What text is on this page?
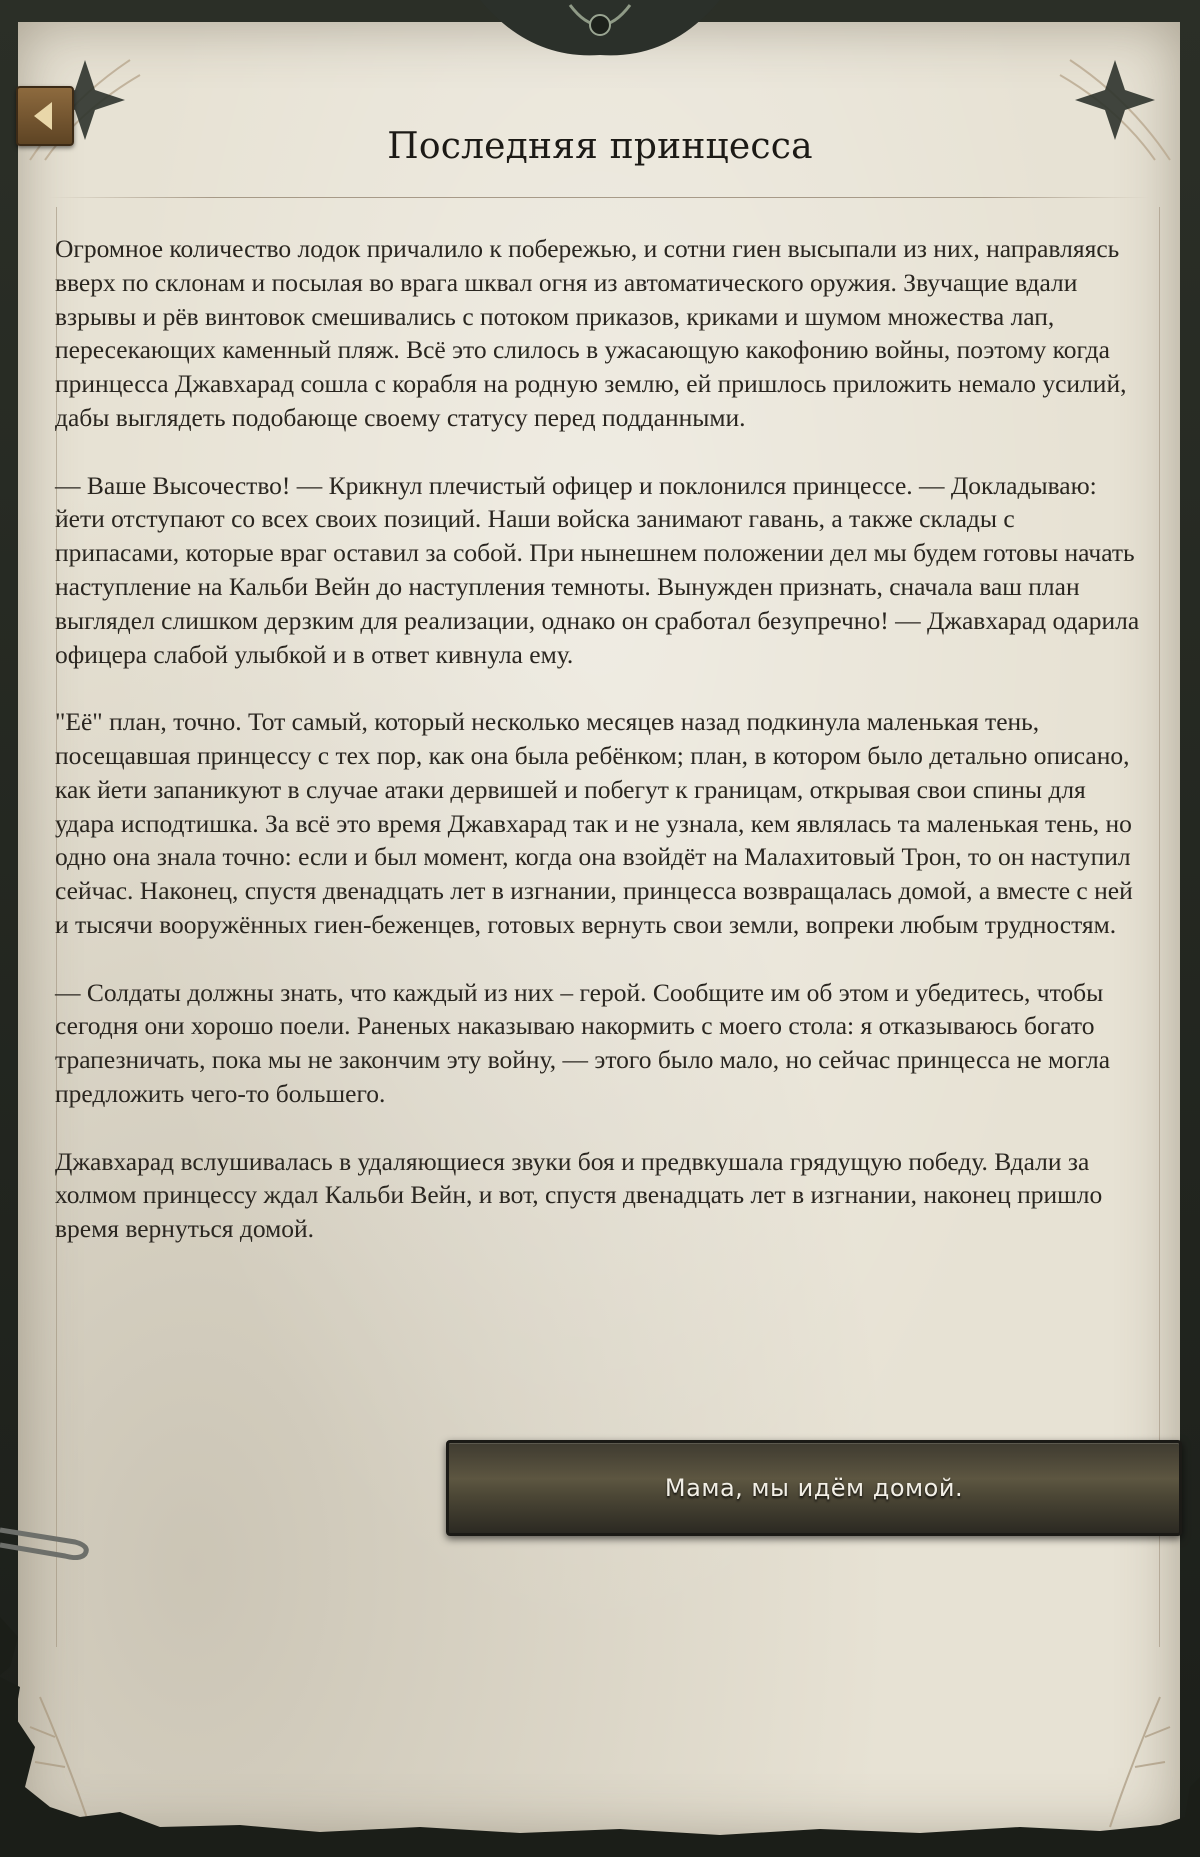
Последняя принцесса

Огромное количество лодок причалило к побережью, и сотни гиен высыпали из них, направляясь вверх по склонам и посылая во врага шквал огня из автоматического оружия. Звучащие вдали взрывы и рёв винтовок смешивались с потоком приказов, криками и шумом множества лап, пересекающих каменный пляж. Всё это слилось в ужасающую какофонию войны, поэтому когда принцесса Джавхарад сошла с корабля на родную землю, ей пришлось приложить немало усилий, дабы выглядеть подобающе своему статусу перед подданными.

— Ваше Высочество! — Крикнул плечистый офицер и поклонился принцессе. — Докладываю: йети отступают со всех своих позиций. Наши войска занимают гавань, а также склады с припасами, которые враг оставил за собой. При нынешнем положении дел мы будем готовы начать наступление на Кальби Вейн до наступления темноты. Вынужден признать, сначала ваш план выглядел слишком дерзким для реализации, однако он сработал безупречно! — Джавхарад одарила офицера слабой улыбкой и в ответ кивнула ему.

"Её" план, точно. Тот самый, который несколько месяцев назад подкинула маленькая тень, посещавшая принцессу с тех пор, как она была ребёнком; план, в котором было детально описано, как йети запаникуют в случае атаки дервишей и побегут к границам, открывая свои спины для удара исподтишка. За всё это время Джавхарад так и не узнала, кем являлась та маленькая тень, но одно она знала точно: если и был момент, когда она взойдёт на Малахитовый Трон, то он наступил сейчас. Наконец, спустя двенадцать лет в изгнании, принцесса возвращалась домой, а вместе с ней и тысячи вооружённых гиен-беженцев, готовых вернуть свои земли, вопреки любым трудностям.

— Солдаты должны знать, что каждый из них – герой. Сообщите им об этом и убедитесь, чтобы сегодня они хорошо поели. Раненых наказываю накормить с моего стола: я отказываюсь богато трапезничать, пока мы не закончим эту войну, — этого было мало, но сейчас принцесса не могла предложить чего-то большего.

Джавхарад вслушивалась в удаляющиеся звуки боя и предвкушала грядущую победу. Вдали за холмом принцессу ждал Кальби Вейн, и вот, спустя двенадцать лет в изгнании, наконец пришло время вернуться домой.

Мама, мы идём домой.
